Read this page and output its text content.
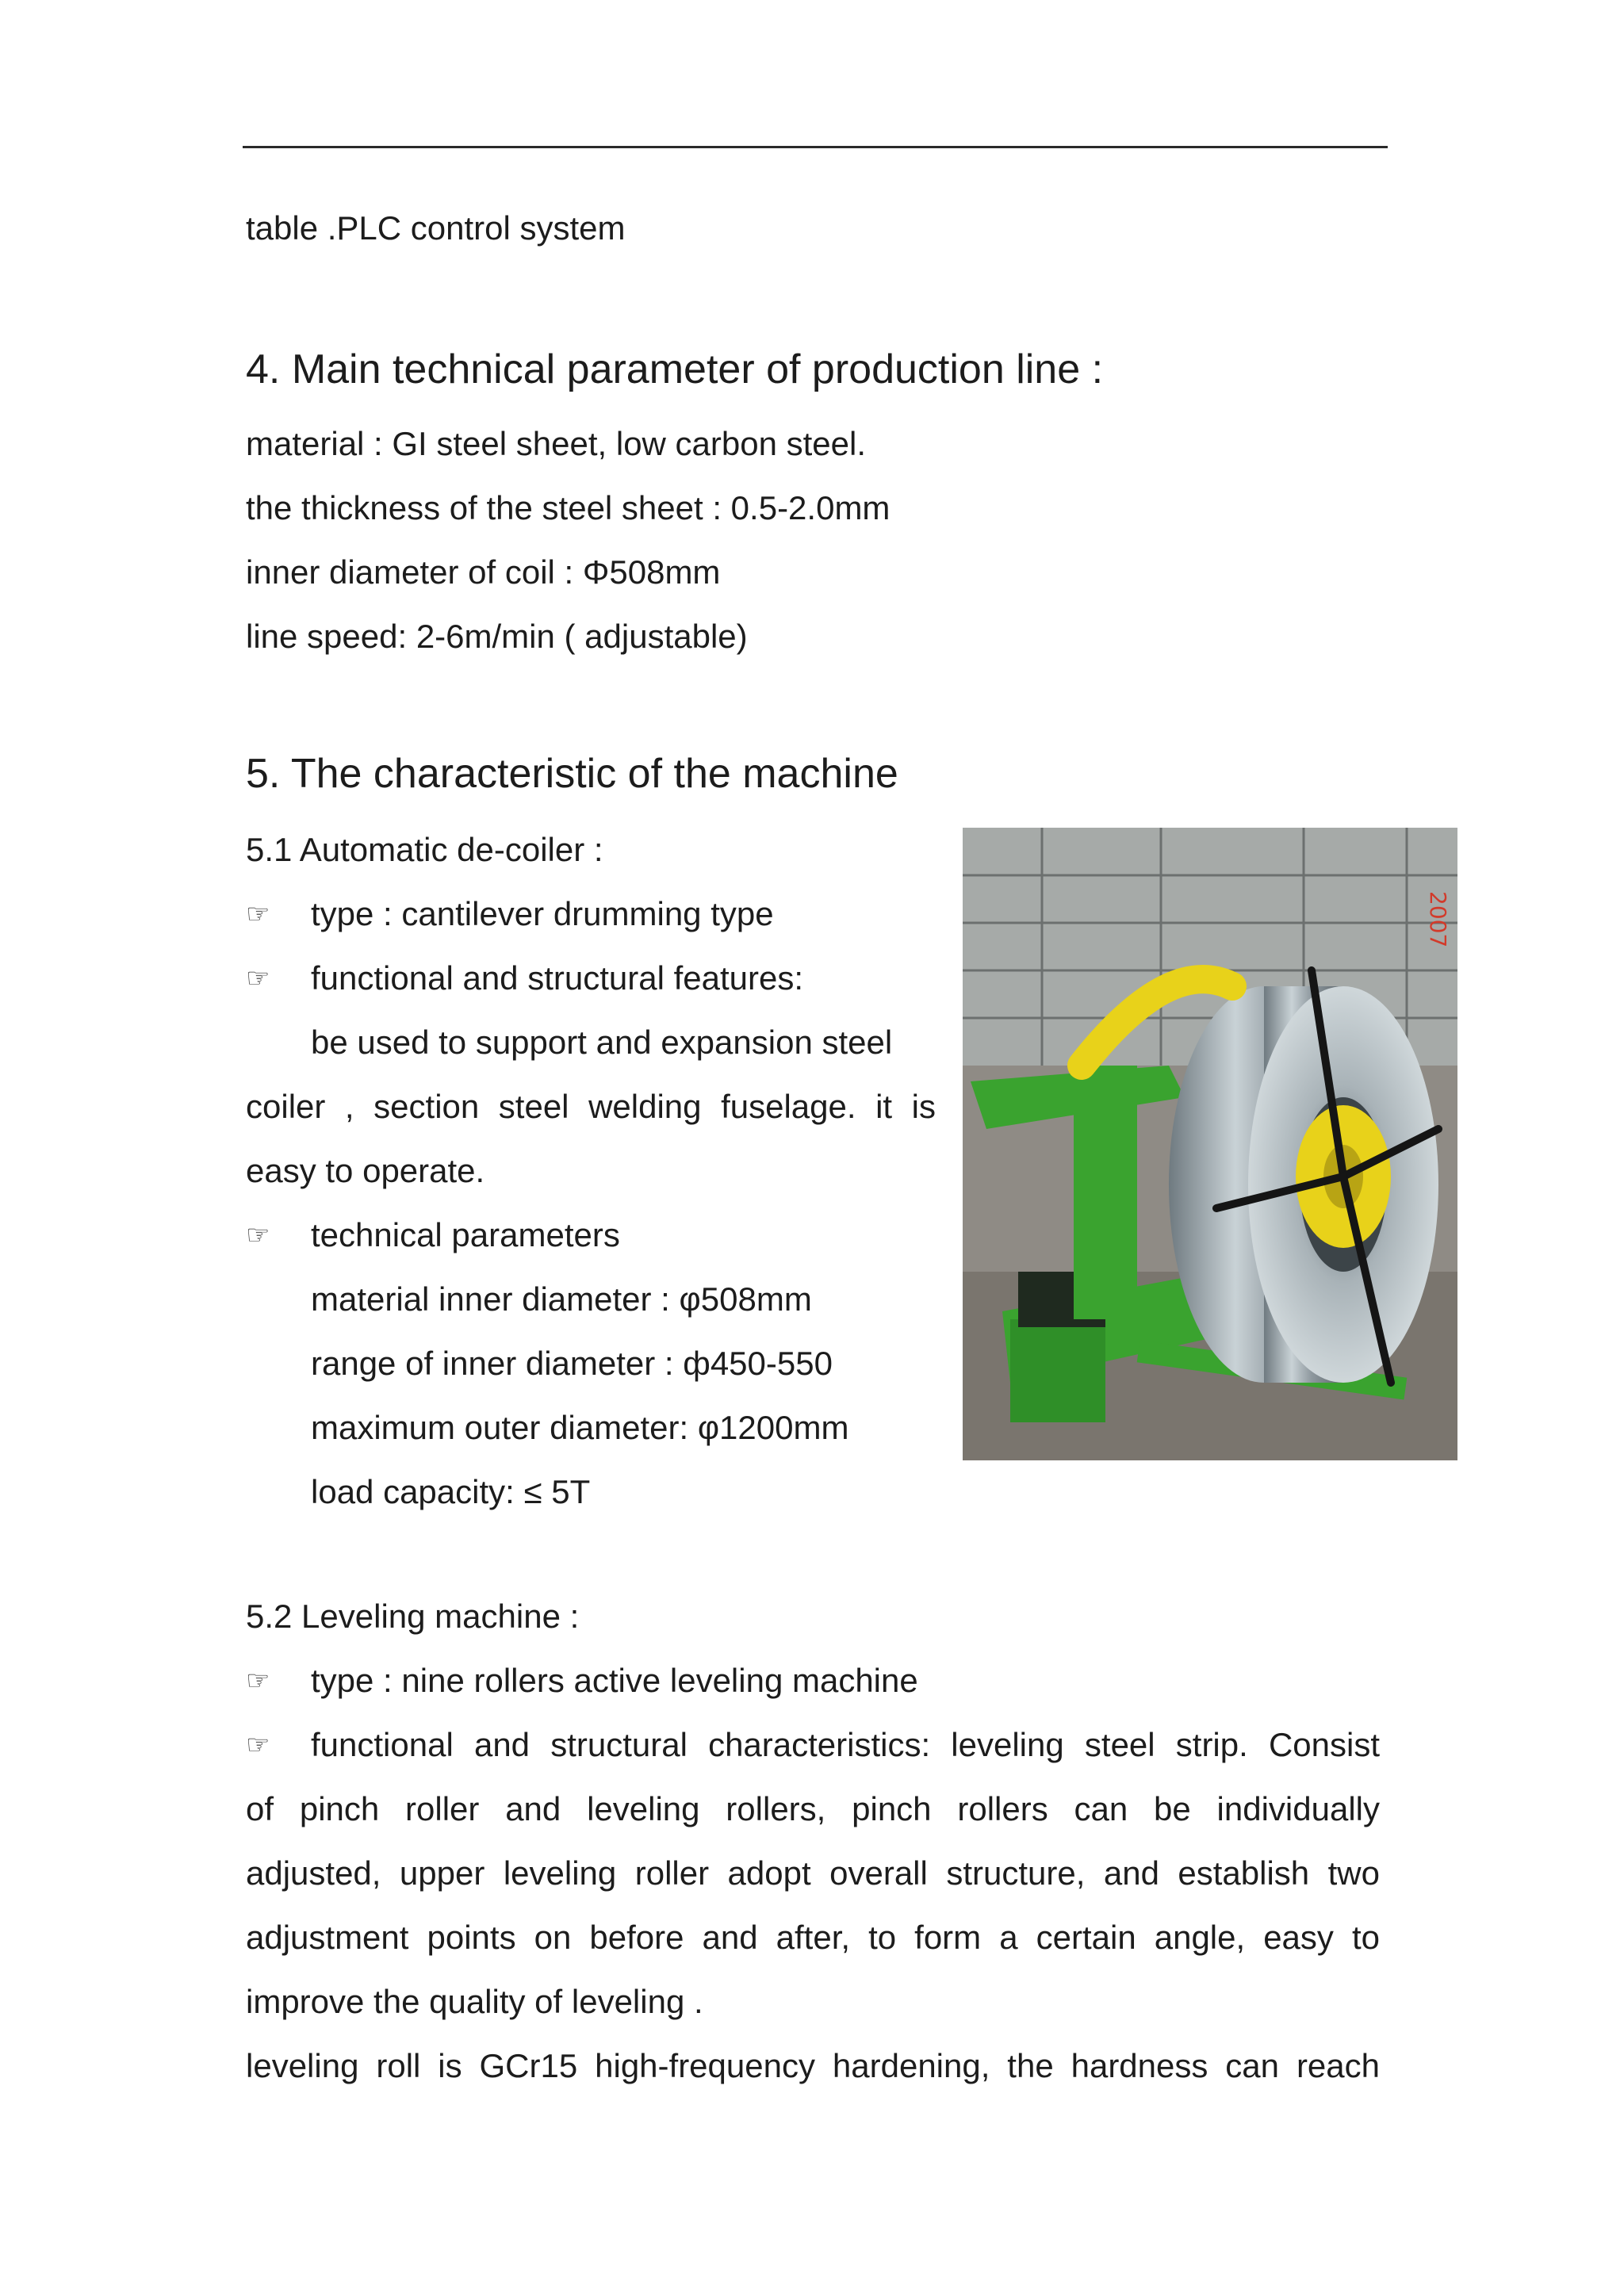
table .PLC control system
4. Main technical parameter of production line :
material : GI steel sheet, low carbon steel.
the thickness of the steel sheet : 0.5-2.0mm
inner diameter of coil : Φ508mm
line speed: 2-6m/min ( adjustable)
5. The characteristic of the machine
5.1 Automatic de-coiler :
☞ type : cantilever drumming type
☞ functional and structural features:
be used to support and expansion steel
coiler , section steel welding fuselage. it is
easy to operate.
☞ technical parameters
material inner diameter : φ508mm
range of inner diameter : ф450-550
maximum outer diameter: φ1200mm
load capacity: ≤ 5T
2007
5.2 Leveling machine :
☞ type : nine rollers active leveling machine
☞ functional and structural characteristics: leveling steel strip. Consist
of pinch roller and leveling rollers, pinch rollers can be individually
adjusted, upper leveling roller adopt overall structure, and establish two
adjustment points on before and after, to form a certain angle, easy to
improve the quality of leveling .
leveling roll is GCr15 high-frequency hardening, the hardness can reach
